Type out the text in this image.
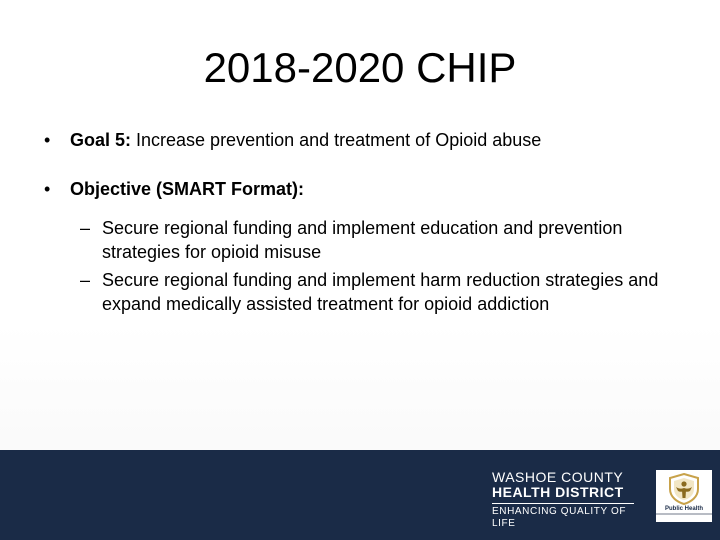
2018-2020 CHIP
• Goal 5: Increase prevention and treatment of Opioid abuse
• Objective (SMART Format):
– Secure regional funding and implement education and prevention strategies for opioid misuse
– Secure regional funding and implement harm reduction strategies and expand medically assisted treatment for opioid addiction
WASHOE COUNTY
HEALTH DISTRICT
ENHANCING QUALITY OF LIFE
Public Health
